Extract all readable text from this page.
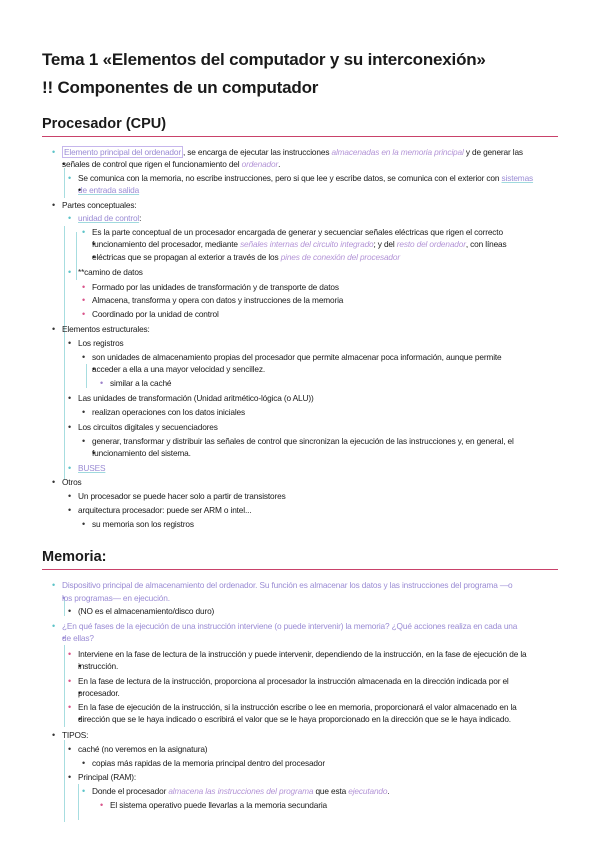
Tema 1 «Elementos del computador y su interconexión»
!! Componentes de un computador
Procesador (CPU)
• Elemento principal del ordenador , se encarga de ejecutar las instrucciones almacenadas en la memoria principal y de generar las
• señales de control que rigen el funcionamiento del ordenador.
• Se comunica con la memoria, no escribe instrucciones, pero si que lee y escribe datos, se comunica con el exterior con sistemas
• de entrada salida
• Partes conceptuales:
• unidad de control:
• Es la parte conceptual de un procesador encargada de generar y secuenciar señales eléctricas que rigen el correcto
• funcionamiento del procesador, mediante señales internas del circuito integrado; y del resto del ordenador, con líneas
• eléctricas que se propagan al exterior a través de los pines de conexión del procesador
• **camino de datos
• Formado por las unidades de transformación y de transporte de datos
• Almacena, transforma y opera con datos y instrucciones de la memoria
• Coordinado por la unidad de control
• Elementos estructurales:
• Los registros
• son unidades de almacenamiento propias del procesador que permite almacenar poca información, aunque permite
• acceder a ella a una mayor velocidad y sencillez.
• similar a la caché
• Las unidades de transformación (Unidad aritmético-lógica (o ALU))
• realizan operaciones con los datos iniciales
• Los circuitos digitales y secuenciadores
• generar, transformar y distribuir las señales de control que sincronizan la ejecución de las instrucciones y, en general, el
• funcionamiento del sistema.
• BUSES
• Otros
• Un procesador se puede hacer solo a partir de transistores
• arquitectura procesador: puede ser ARM o intel...
• su memoria son los registros
Memoria:
• Dispositivo principal de almacenamiento del ordenador. Su función es almacenar los datos y las instrucciones del programa —o
• los programas— en ejecución.
• (NO es el almacenamiento/disco duro)
• ¿En qué fases de la ejecución de una instrucción interviene (o puede intervenir) la memoria? ¿Qué acciones realiza en cada una
• de ellas?
• Interviene en la fase de lectura de la instrucción y puede intervenir, dependiendo de la instrucción, en la fase de ejecución de la
• instrucción.
• En la fase de lectura de la instrucción, proporciona al procesador la instrucción almacenada en la dirección indicada por el
• procesador.
• En la fase de ejecución de la instrucción, si la instrucción escribe o lee en memoria, proporcionará el valor almacenado en la
• dirección que se le haya indicado o escribirá el valor que se le haya proporcionado en la dirección que se le haya indicado.
• TIPOS:
• caché (no veremos en la asignatura)
• copias más rapidas de la memoria principal dentro del procesador
• Principal (RAM):
• Donde el procesador almacena las instrucciones del programa que esta ejecutando.
• El sistema operativo puede llevarlas a la memoria secundaria
